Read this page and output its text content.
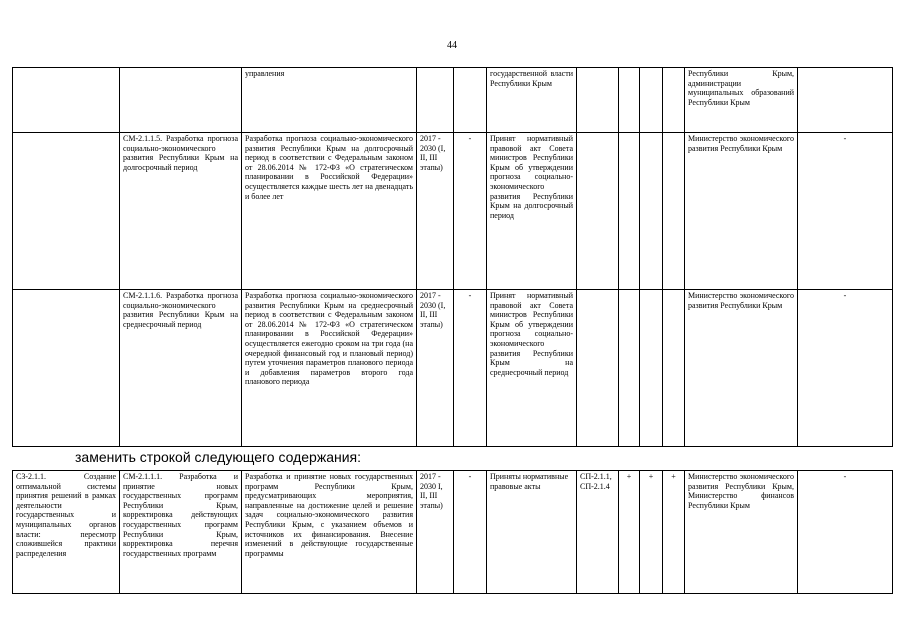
44
		управления			государственной власти Республики Крым					Республики Крым, администрации муниципальных образований Республики Крым	
	СМ-2.1.1.5. Разработка прогноза социально-экономического развития Республики Крым на долгосрочный период	Разработка прогноза социально-экономического развития Республики Крым на долгосрочный период в соответствии с Федеральным законом от 28.06.2014 № 172-ФЗ «О стратегическом планировании в Российской Федерации» осуществляется каждые шесть лет на двенадцать и более лет	2017 - 2030 (I, II, III этапы)	-	Принят нормативный правовой акт Совета министров Республики Крым об утверждении прогноза социально-экономического развития Республики Крым на долгосрочный период					Министерство экономического развития Республики Крым	-
	СМ-2.1.1.6. Разработка прогноза социально-экономического развития Республики Крым на среднесрочный период	Разработка прогноза социально-экономического развития Республики Крым на среднесрочный период в соответствии с Федеральным законом от 28.06.2014 № 172-ФЗ «О стратегическом планировании в Российской Федерации» осуществляется ежегодно сроком на три года (на очередной финансовый год и плановый период) путем уточнения параметров планового периода и добавления параметров второго года планового периода	2017 - 2030 (I, II, III этапы)	-	Принят нормативный правовой акт Совета министров Республики Крым об утверждении прогноза социально-экономического развития Республики Крым на среднесрочный период					Министерство экономического развития Республики Крым	-
заменить строкой следующего содержания:
СЗ-2.1.1. Создание оптимальной системы принятия решений в рамках деятельности государственных и муниципальных органов власти: пересмотр сложившейся практики распределения	СМ-2.1.1.1. Разработка и принятие новых государственных программ Республики Крым, корректировка действующих государственных программ Республики Крым, корректировка перечня государственных программ	Разработка и принятие новых государственных программ Республики Крым, предусматривающих мероприятия, направленные на достижение целей и решение задач социально-экономического развития Республики Крым, с указанием объемов и источников их финансирования. Внесение изменений в действующие государственные программы	2017 - 2030 I, II, III этапы)	-	Приняты нормативные правовые акты	СП-2.1.1, СП-2.1.4	+	+	+	Министерство экономического развития Республики Крым, Министерство финансов Республики Крым	-
